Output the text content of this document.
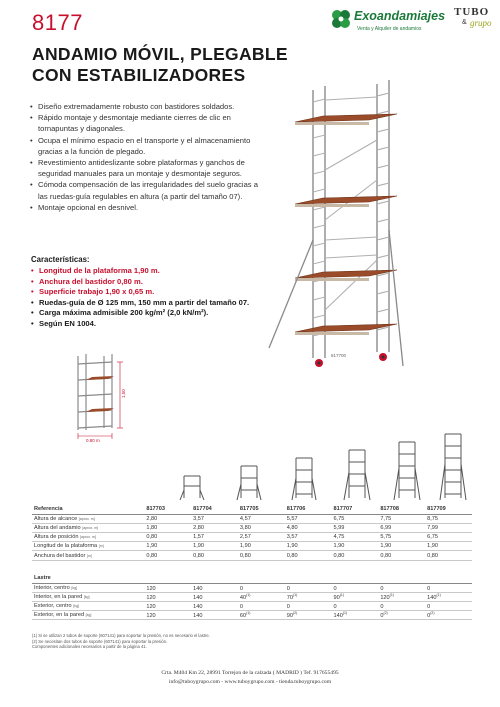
8177	Exoandamiajes
Venta y Alquiler de andamios
TUBO
& grupo
ANDAMIO MÓVIL, PLEGABLE
CON ESTABILIZADORES
• Diseño extremadamente robusto con bastidores soldados.
• Rápido montaje y desmontaje mediante cierres de clic en tornapuntas y diagonales.
• Ocupa el mínimo espacio en el transporte y el almacenamiento gracias a la función de plegado.
• Revestimiento antideslizante sobre plataformas y ganchos de seguridad manuales para un montaje y desmontaje seguros.
• Cómoda compensación de las irregularidades del suelo gracias a las ruedas-guía regulables en altura (a partir del tamaño 07).
• Montaje opcional en desnivel.
Características:
• Longitud de la plataforma 1,90 m.
• Anchura del bastidor 0,80 m.
• Superficie trabajo 1,90 x 0,65 m.
• Ruedas-guía de Ø 125 mm, 150 mm a partir del tamaño 07.
• Carga máxima admisible 200 kg/m² (2,0 kN/m²).
• Según EN 1004.
817700
1,50
0,80 m
Referencia	817703	817704	817705	817706	817707	817708	817709
Altura de alcance [aprox. m]	2,80	3,57	4,57	5,57	6,75	7,75	8,75
Altura del andamio [aprox. m]	1,80	2,80	3,80	4,80	5,99	6,99	7,99
Altura de posición [aprox. m]	0,80	1,57	2,57	3,57	4,75	5,75	6,75
Longitud de la plataforma [m]	1,90	1,90	1,90	1,90	1,90	1,90	1,90
Anchura del bastidor [m]	0,80	0,80	0,80	0,80	0,80	0,80	0,80
Lastre							
Interior, centro [kg]	120	140	0	0	0	0	0
Interior, en la pared [kg]	120	140	40$^{(1)}$	70$^{(1)}$	90$^{(1)}$	120$^{(1)}$	140$^{(1)}$
Exterior, centro [kg]	120	140	0	0	0	0	0
Exterior, en la pared [kg]	120	140	60$^{(1)}$	90$^{(2)}$	140$^{(1)}$	0$^{(2)}$	0$^{(2)}$
(1) Si se utilizan 2 tubos de soporte (607141) para soportar la presión, no es necesario el lastre.
(2) Se necesitan dos tubos de soporte (607141) para soportar la presión.
Componentes adicionales necesarios a partir de la página 41.
Crta. M404 Km 22, 28991 Torrejon de la calzada ( MADRID ) Tef. 917655495
info@tuboygrupo.com - www.tuboygrupo.com - tienda.tuboygrupo.com
